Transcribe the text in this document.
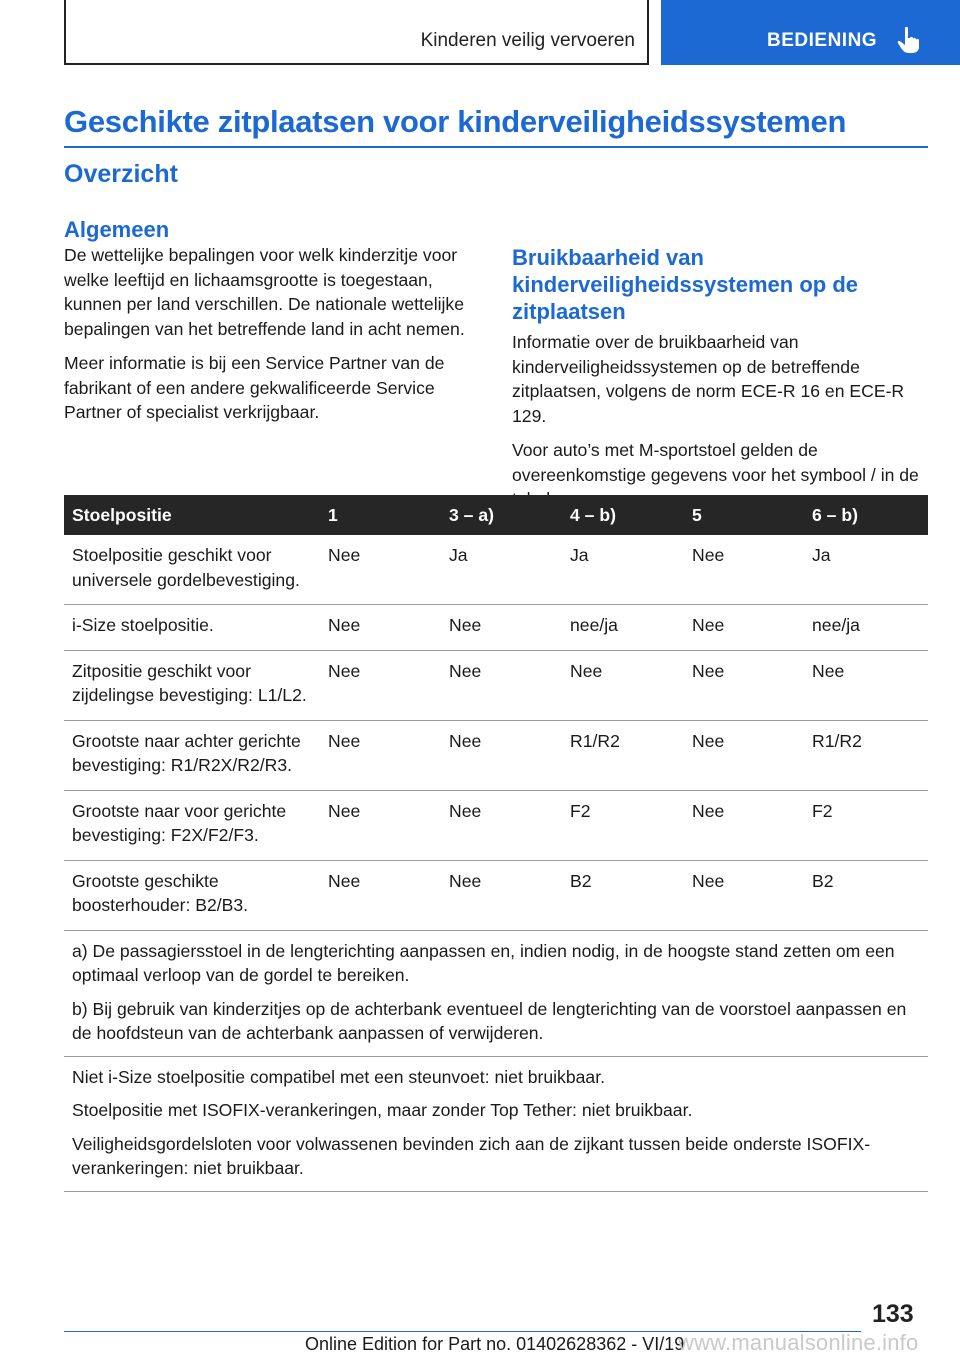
Kinderen veilig vervoeren	BEDIENING
Geschikte zitplaatsen voor kinderveiligheidssystemen
Overzicht
Algemeen

De wettelijke bepalingen voor welk kinderzitje voor welke leeftijd en lichaamsgrootte is toegestaan, kunnen per land verschillen. De nationale wettelijke bepalingen van het betreffende land in acht nemen.

Meer informatie is bij een Service Partner van de fabrikant of een andere gekwalificeerde Service Partner of specialist verkrijgbaar.

Bruikbaarheid van kinderveiligheidssystemen op de zitplaatsen

Informatie over de bruikbaarheid van kinderveiligheidssystemen op de betreffende zitplaatsen, volgens de norm ECE-R 16 en ECE-R 129.

Voor auto’s met M-sportstoel gelden de overeenkomstige gegevens voor het symbool / in de

Stoelpositie	1	3 – a)	4 – b)	5	6 – b)
Stoelpositie geschikt voor universele gordelbevestiging.	Nee	Ja	Ja	Nee	Ja
i-Size stoelpositie.	Nee	Nee	nee/ja	Nee	nee/ja
Zitpositie geschikt voor zijdelingse bevestiging: L1/L2.	Nee	Nee	Nee	Nee	Nee
Grootste naar achter gerichte bevestiging: R1/R2X/R2/R3.	Nee	Nee	R1/R2	Nee	R1/R2
Grootste naar voor gerichte bevestiging: F2X/F2/F3.	Nee	Nee	F2	Nee	F2
Grootste geschikte boosterhouder: B2/B3.	Nee	Nee	B2	Nee	B2

a) De passagiersstoel in de lengterichting aanpassen en, indien nodig, in de hoogste stand zetten om een optimaal verloop van de gordel te bereiken.

b) Bij gebruik van kinderzitjes op de achterbank eventueel de lengterichting van de voorstoel aanpassen en de hoofdsteun van de achterbank aanpassen of verwijderen.					

Niet i-Size stoelpositie compatibel met een steunvoet: niet bruikbaar.

Stoelpositie met ISOFIX-verankeringen, maar zonder Top Tether: niet bruikbaar.

Veiligheidsgordelsloten voor volwassenen bevinden zich aan de zijkant tussen beide onderste ISOFIX-verankeringen: niet bruikbaar.					

133
Online Edition for Part no. 01402628362 - VI/19
www.manualsonline.info
